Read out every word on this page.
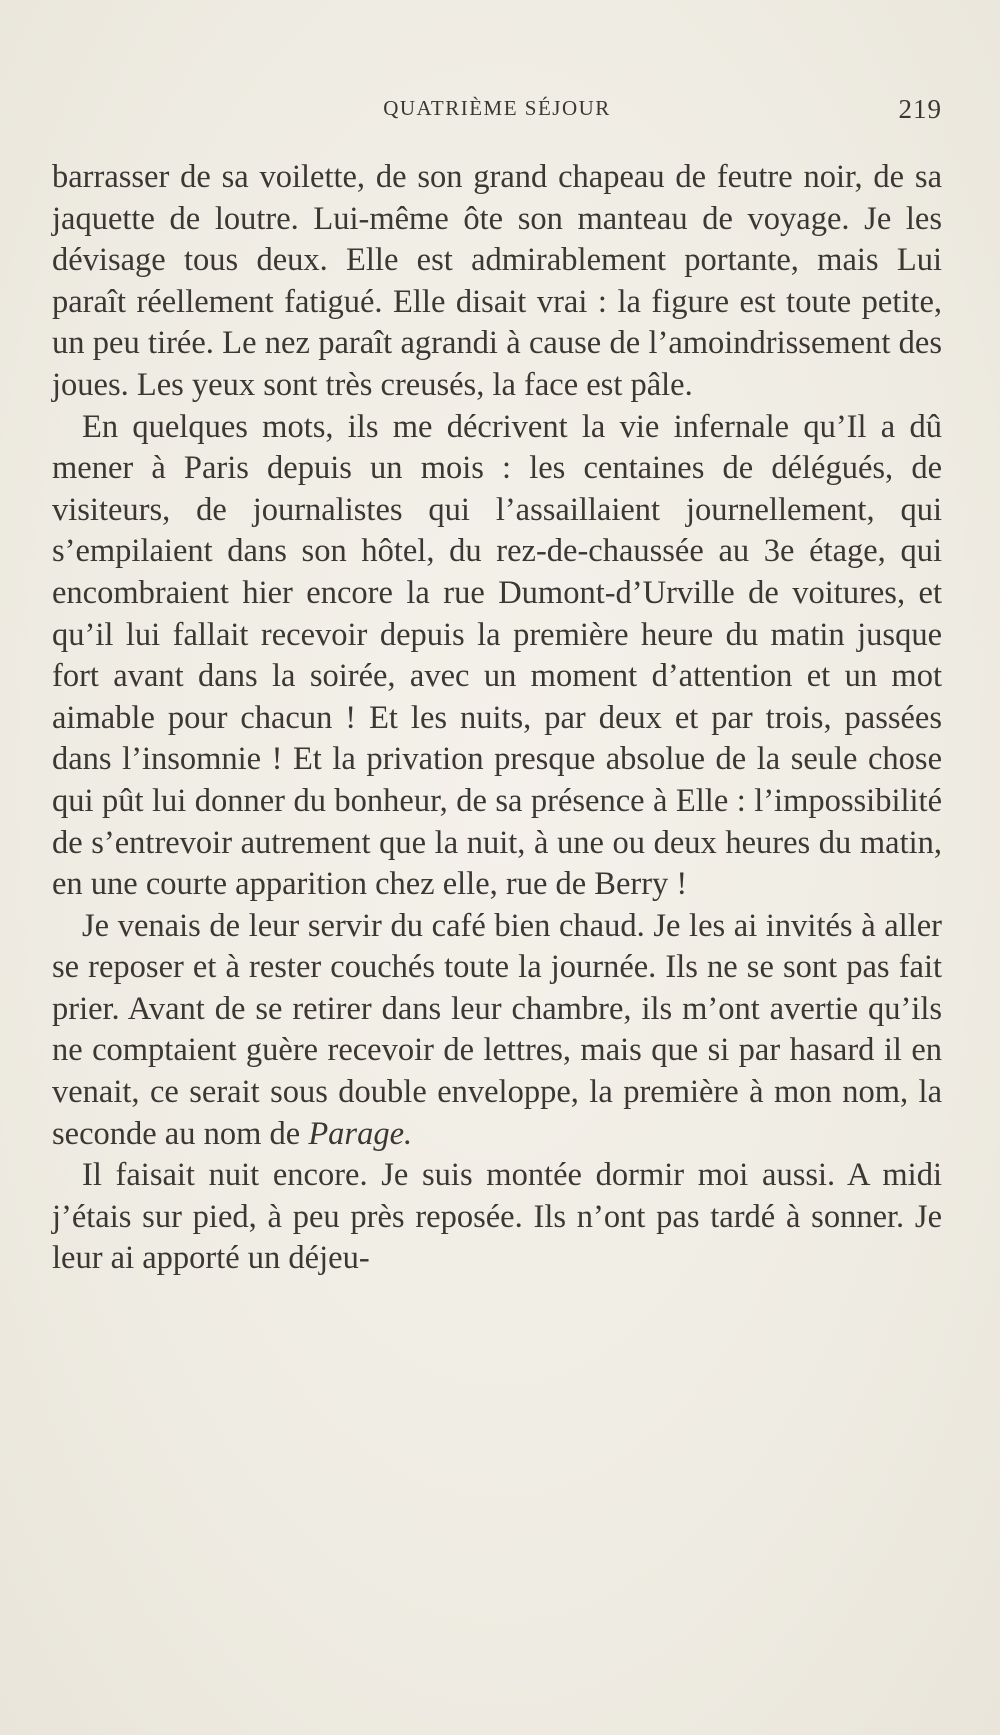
QUATRIÈME SÉJOUR	219

barrasser de sa voilette, de son grand chapeau de feutre noir, de sa jaquette de loutre. Lui-même ôte son manteau de voyage. Je les dévisage tous deux. Elle est admirablement portante, mais Lui paraît réellement fatigué. Elle disait vrai : la figure est toute petite, un peu tirée. Le nez paraît agrandi à cause de l’amoindrissement des joues. Les yeux sont très creusés, la face est pâle.

En quelques mots, ils me décrivent la vie infernale qu’Il a dû mener à Paris depuis un mois : les centaines de délégués, de visiteurs, de journalistes qui l’assaillaient journellement, qui s’empilaient dans son hôtel, du rez-de-chaussée au 3e étage, qui encombraient hier encore la rue Dumont-d’Urville de voitures, et qu’il lui fallait recevoir depuis la première heure du matin jusque fort avant dans la soirée, avec un moment d’attention et un mot aimable pour chacun ! Et les nuits, par deux et par trois, passées dans l’insomnie ! Et la privation presque absolue de la seule chose qui pût lui donner du bonheur, de sa présence à Elle : l’impossibilité de s’entrevoir autrement que la nuit, à une ou deux heures du matin, en une courte apparition chez elle, rue de Berry !

Je venais de leur servir du café bien chaud. Je les ai invités à aller se reposer et à rester couchés toute la journée. Ils ne se sont pas fait prier. Avant de se retirer dans leur chambre, ils m’ont avertie qu’ils ne comptaient guère recevoir de lettres, mais que si par hasard il en venait, ce serait sous double enveloppe, la première à mon nom, la seconde au nom de Parage.

Il faisait nuit encore. Je suis montée dormir moi aussi. A midi j’étais sur pied, à peu près reposée. Ils n’ont pas tardé à sonner. Je leur ai apporté un déjeu-
